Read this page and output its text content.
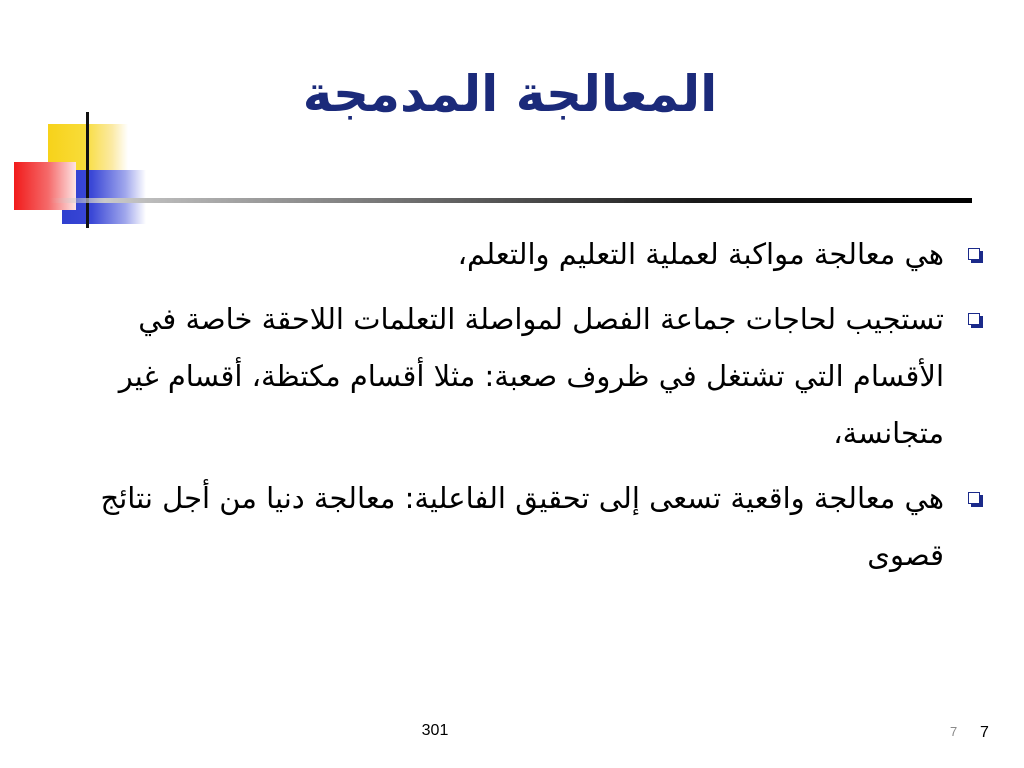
المعالجة المدمجة
هي معالجة مواكبة لعملية التعليم والتعلم،
تستجيب لحاجات جماعة الفصل لمواصلة التعلمات اللاحقة خاصة في الأقسام التي تشتغل في ظروف صعبة: مثلا أقسام مكتظة، أقسام غير متجانسة،
هي معالجة واقعية تسعى إلى تحقيق الفاعلية: معالجة دنيا من أجل نتائج قصوى
301	7 7
